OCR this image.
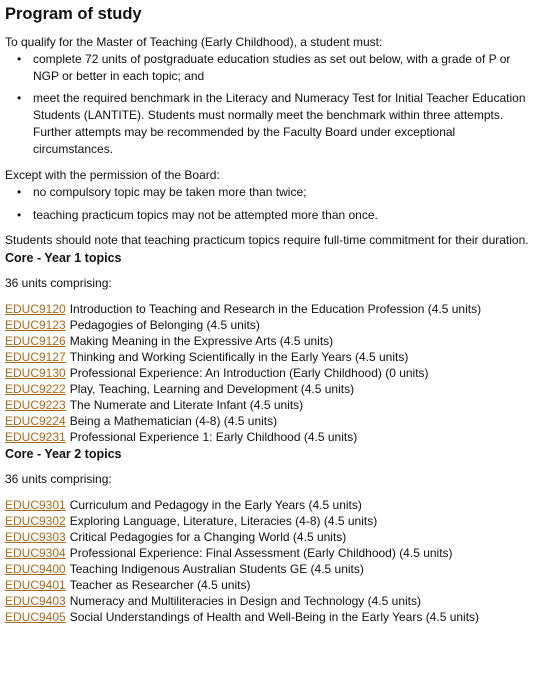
Program of study

To qualify for the Master of Teaching (Early Childhood), a student must:

• complete 72 units of postgraduate education studies as set out below, with a grade of P or NGP or better in each topic; and
• meet the required benchmark in the Literacy and Numeracy Test for Initial Teacher Education Students (LANTITE). Students must normally meet the benchmark within three attempts. Further attempts may be recommended by the Faculty Board under exceptional circumstances.

Except with the permission of the Board:

• no compulsory topic may be taken more than twice;
• teaching practicum topics may not be attempted more than once.

Students should note that teaching practicum topics require full-time commitment for their duration.

Core - Year 1 topics

36 units comprising:

EDUC9120 Introduction to Teaching and Research in the Education Profession (4.5 units)
EDUC9123 Pedagogies of Belonging (4.5 units)
EDUC9126 Making Meaning in the Expressive Arts (4.5 units)
EDUC9127 Thinking and Working Scientifically in the Early Years (4.5 units)
EDUC9130 Professional Experience: An Introduction (Early Childhood) (0 units)
EDUC9222 Play, Teaching, Learning and Development (4.5 units)
EDUC9223 The Numerate and Literate Infant (4.5 units)
EDUC9224 Being a Mathematician (4-8) (4.5 units)
EDUC9231 Professional Experience 1: Early Childhood (4.5 units)
Core - Year 2 topics

36 units comprising:

EDUC9301 Curriculum and Pedagogy in the Early Years (4.5 units)
EDUC9302 Exploring Language, Literature, Literacies (4-8) (4.5 units)
EDUC9303 Critical Pedagogies for a Changing World (4.5 units)
EDUC9304 Professional Experience: Final Assessment (Early Childhood) (4.5 units)
EDUC9400 Teaching Indigenous Australian Students GE (4.5 units)
EDUC9401 Teacher as Researcher (4.5 units)
EDUC9403 Numeracy and Multiliteracies in Design and Technology (4.5 units)
EDUC9405 Social Understandings of Health and Well-Being in the Early Years (4.5 units)
